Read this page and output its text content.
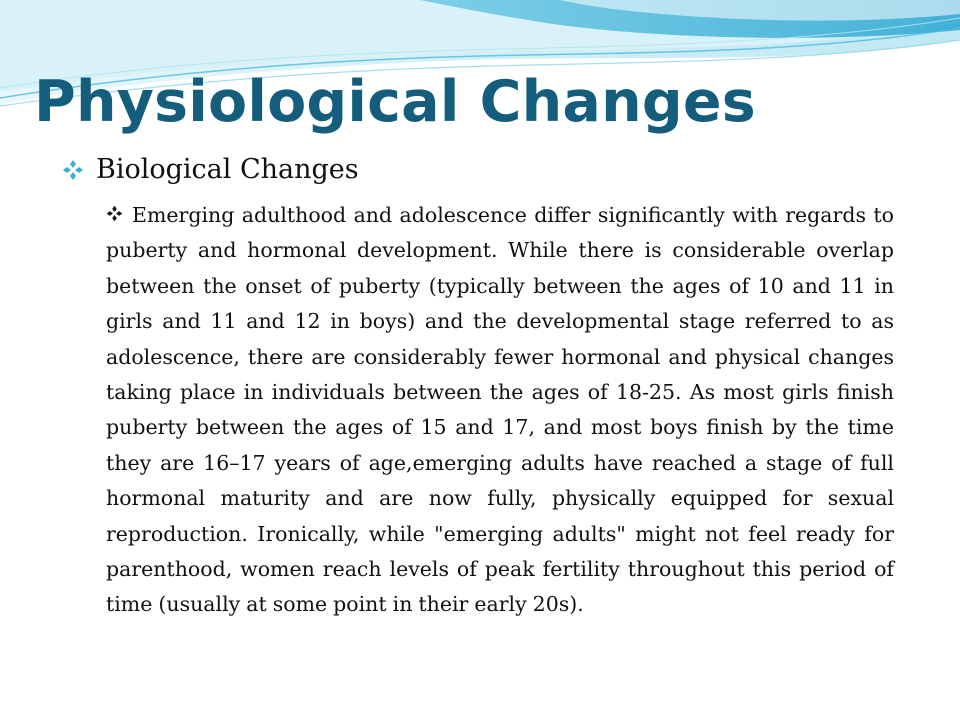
Physiological Changes
Biological Changes

Emerging adulthood and adolescence differ significantly with regards to puberty and hormonal development. While there is considerable overlap between the onset of puberty (typically between the ages of 10 and 11 in girls and 11 and 12 in boys) and the developmental stage referred to as adolescence, there are considerably fewer hormonal and physical changes taking place in individuals between the ages of 18-25. As most girls finish puberty between the ages of 15 and 17, and most boys finish by the time they are 16–17 years of age,emerging adults have reached a stage of full hormonal maturity and are now fully, physically equipped for sexual reproduction. Ironically, while "emerging adults" might not feel ready for parenthood, women reach levels of peak fertility throughout this period of time (usually at some point in their early 20s).
